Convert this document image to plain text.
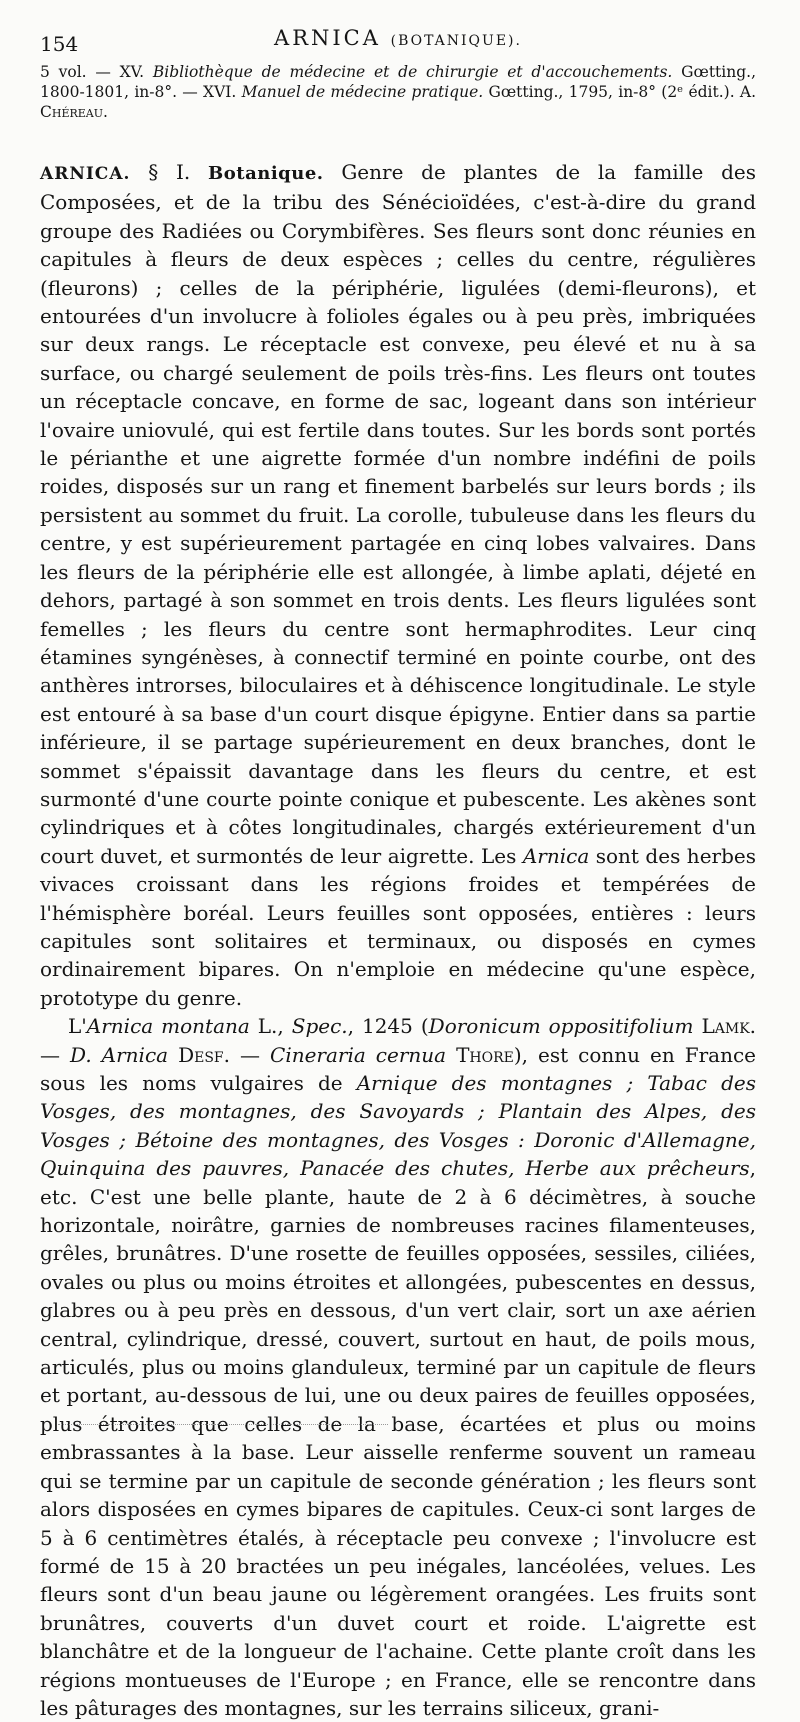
154	ARNICA (BOTANIQUE).
5 vol. — XV. Bibliothèque de médecine et de chirurgie et d'accouchements. Gœtting., 1800-1801, in-8°. — XVI. Manuel de médecine pratique. Gœtting., 1795, in-8° (2ᵉ édit.). A. Chéreau.

ARNICA. § I. Botanique. Genre de plantes de la famille des Composées, et de la tribu des Sénécioïdées, c'est-à-dire du grand groupe des Radiées ou Corymbifères. Ses fleurs sont donc réunies en capitules à fleurs de deux espèces ; celles du centre, régulières (fleurons) ; celles de la périphérie, ligulées (demi-fleurons), et entourées d'un involucre à folioles égales ou à peu près, imbriquées sur deux rangs. Le réceptacle est convexe, peu élevé et nu à sa surface, ou chargé seulement de poils très-fins. Les fleurs ont toutes un réceptacle concave, en forme de sac, logeant dans son intérieur l'ovaire uniovulé, qui est fertile dans toutes. Sur les bords sont portés le périanthe et une aigrette formée d'un nombre indéfini de poils roides, disposés sur un rang et finement barbelés sur leurs bords ; ils persistent au sommet du fruit. La corolle, tubuleuse dans les fleurs du centre, y est supérieurement partagée en cinq lobes valvaires. Dans les fleurs de la périphérie elle est allongée, à limbe aplati, déjeté en dehors, partagé à son sommet en trois dents. Les fleurs ligulées sont femelles ; les fleurs du centre sont hermaphrodites. Leur cinq étamines syngénèses, à connectif terminé en pointe courbe, ont des anthères introrses, biloculaires et à déhiscence longitudinale. Le style est entouré à sa base d'un court disque épigyne. Entier dans sa partie inférieure, il se partage supérieurement en deux branches, dont le sommet s'épaissit davantage dans les fleurs du centre, et est surmonté d'une courte pointe conique et pubescente. Les akènes sont cylindriques et à côtes longitudinales, chargés extérieurement d'un court duvet, et surmontés de leur aigrette. Les Arnica sont des herbes vivaces croissant dans les régions froides et tempérées de l'hémisphère boréal. Leurs feuilles sont opposées, entières : leurs capitules sont solitaires et terminaux, ou disposés en cymes ordinairement bipares. On n'emploie en médecine qu'une espèce, prototype du genre.

L'Arnica montana L., Spec., 1245 (Doronicum oppositifolium Lamk. — D. Arnica Desf. — Cineraria cernua Thore), est connu en France sous les noms vulgaires de Arnique des montagnes ; Tabac des Vosges, des montagnes, des Savoyards ; Plantain des Alpes, des Vosges ; Bétoine des montagnes, des Vosges : Doronic d'Allemagne, Quinquina des pauvres, Panacée des chutes, Herbe aux prêcheurs, etc. C'est une belle plante, haute de 2 à 6 décimètres, à souche horizontale, noirâtre, garnies de nombreuses racines filamenteuses, grêles, brunâtres. D'une rosette de feuilles opposées, sessiles, ciliées, ovales ou plus ou moins étroites et allongées, pubescentes en dessus, glabres ou à peu près en dessous, d'un vert clair, sort un axe aérien central, cylindrique, dressé, couvert, surtout en haut, de poils mous, articulés, plus ou moins glanduleux, terminé par un capitule de fleurs et portant, au-dessous de lui, une ou deux paires de feuilles opposées, plus étroites que celles de la base, écartées et plus ou moins embrassantes à la base. Leur aisselle renferme souvent un rameau qui se termine par un capitule de seconde génération ; les fleurs sont alors disposées en cymes bipares de capitules. Ceux-ci sont larges de 5 à 6 centimètres étalés, à réceptacle peu convexe ; l'involucre est formé de 15 à 20 bractées un peu inégales, lancéolées, velues. Les fleurs sont d'un beau jaune ou légèrement orangées. Les fruits sont brunâtres, couverts d'un duvet court et roide. L'aigrette est blanchâtre et de la longueur de l'achaine. Cette plante croît dans les régions montueuses de l'Europe ; en France, elle se rencontre dans les pâturages des montagnes, sur les terrains siliceux, grani-
